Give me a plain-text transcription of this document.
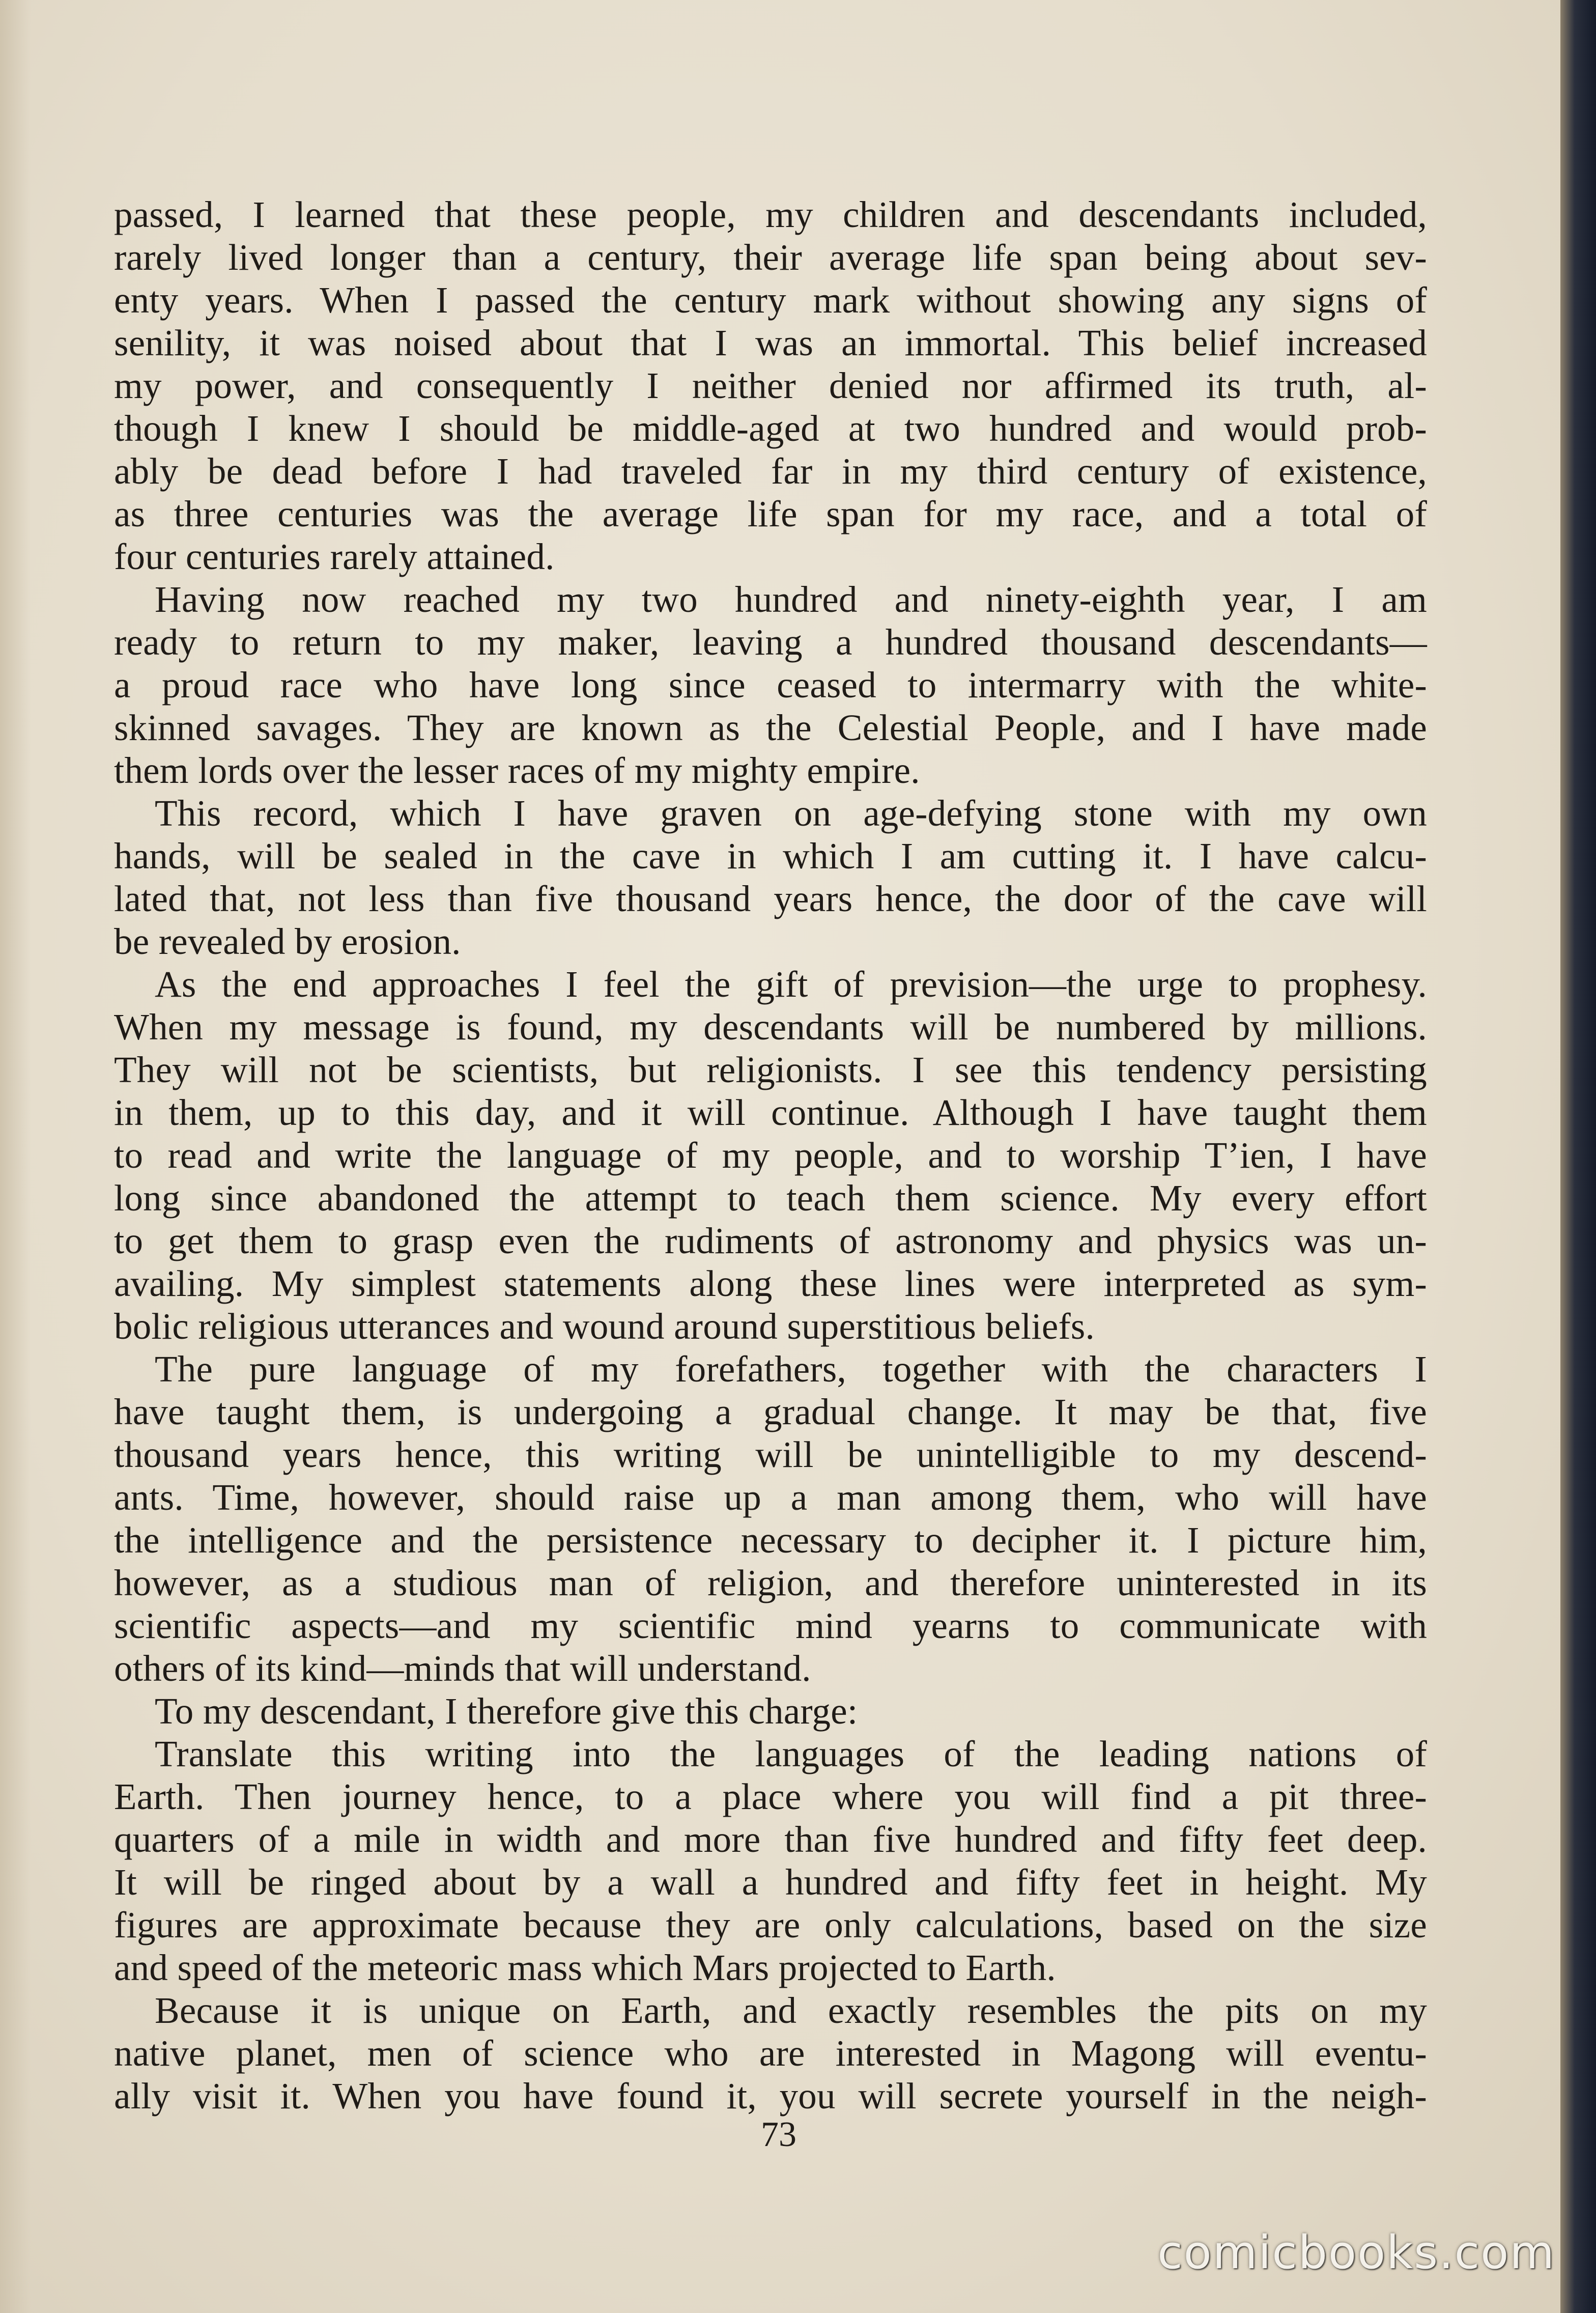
passed, I learned that these people, my children and descendants included,
rarely lived longer than a century, their average life span being about sev-
enty years. When I passed the century mark without showing any signs of
senility, it was noised about that I was an immortal. This belief increased
my power, and consequently I neither denied nor affirmed its truth, al-
though I knew I should be middle-aged at two hundred and would prob-
ably be dead before I had traveled far in my third century of existence,
as three centuries was the average life span for my race, and a total of
four centuries rarely attained.

Having now reached my two hundred and ninety-eighth year, I am
ready to return to my maker, leaving a hundred thousand descendants—
a proud race who have long since ceased to intermarry with the white-
skinned savages. They are known as the Celestial People, and I have made
them lords over the lesser races of my mighty empire.

This record, which I have graven on age-defying stone with my own
hands, will be sealed in the cave in which I am cutting it. I have calcu-
lated that, not less than five thousand years hence, the door of the cave will
be revealed by erosion.

As the end approaches I feel the gift of prevision—the urge to prophesy.
When my message is found, my descendants will be numbered by millions.
They will not be scientists, but religionists. I see this tendency persisting
in them, up to this day, and it will continue. Although I have taught them
to read and write the language of my people, and to worship T’ien, I have
long since abandoned the attempt to teach them science. My every effort
to get them to grasp even the rudiments of astronomy and physics was un-
availing. My simplest statements along these lines were interpreted as sym-
bolic religious utterances and wound around superstitious beliefs.

The pure language of my forefathers, together with the characters I
have taught them, is undergoing a gradual change. It may be that, five
thousand years hence, this writing will be unintelligible to my descend-
ants. Time, however, should raise up a man among them, who will have
the intelligence and the persistence necessary to decipher it. I picture him,
however, as a studious man of religion, and therefore uninterested in its
scientific aspects—and my scientific mind yearns to communicate with
others of its kind—minds that will understand.

To my descendant, I therefore give this charge:

Translate this writing into the languages of the leading nations of
Earth. Then journey hence, to a place where you will find a pit three-
quarters of a mile in width and more than five hundred and fifty feet deep.
It will be ringed about by a wall a hundred and fifty feet in height. My
figures are approximate because they are only calculations, based on the size
and speed of the meteoric mass which Mars projected to Earth.

Because it is unique on Earth, and exactly resembles the pits on my
native planet, men of science who are interested in Magong will eventu-
ally visit it. When you have found it, you will secrete yourself in the neigh-

73
comicbooks.com
